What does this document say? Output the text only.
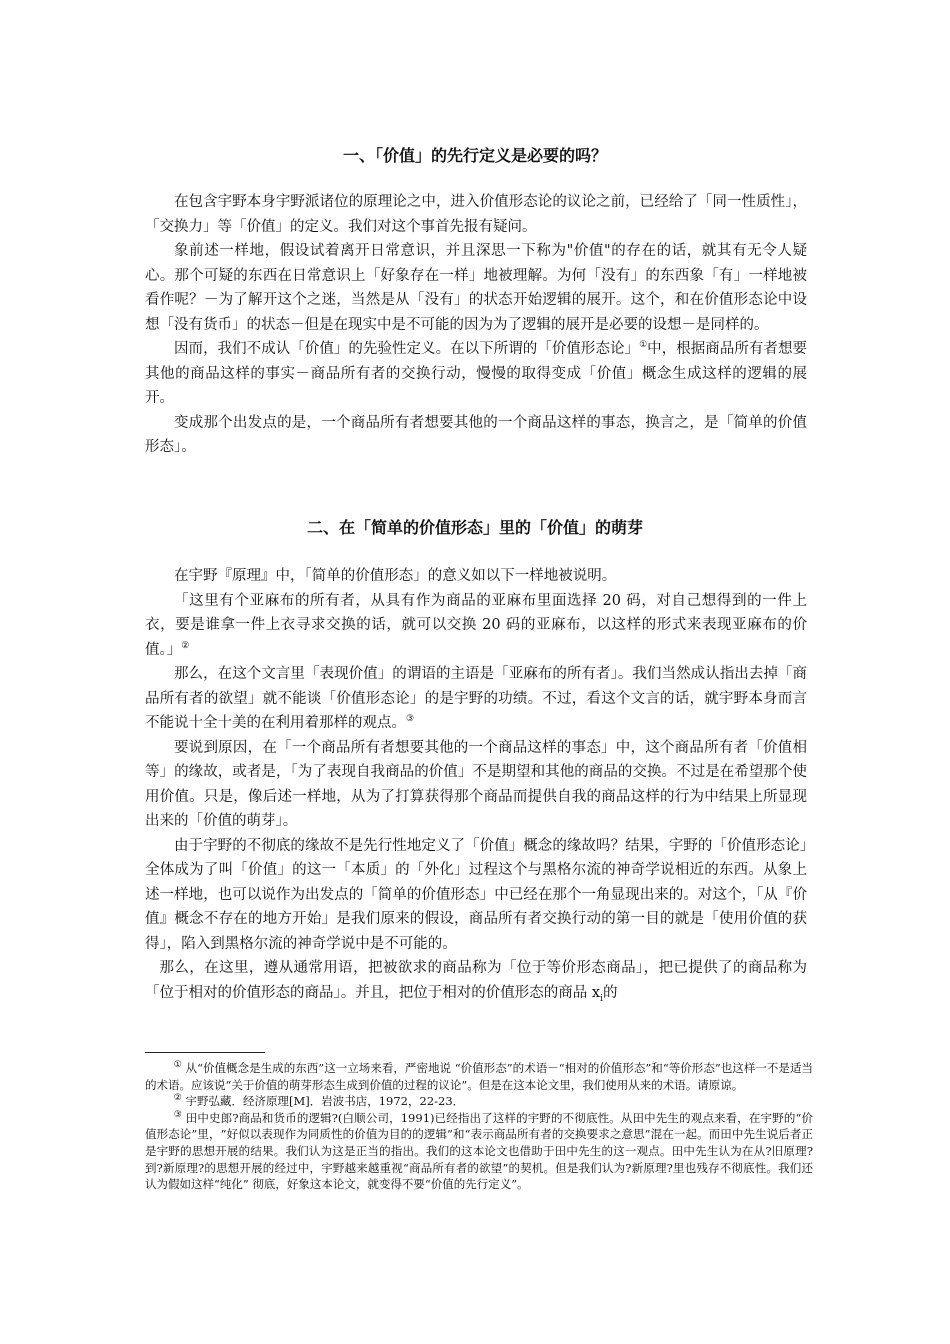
一、「价值」的先行定义是必要的吗？

在包含宇野本身宇野派诸位的原理论之中，进入价值形态论的议论之前，已经给了「同一性质性」，「交换力」等「价值」的定义。我们对这个事首先报有疑问。

象前述一样地，假设试着离开日常意识，并且深思一下称为"价值"的存在的话，就其有无令人疑心。那个可疑的东西在日常意识上「好象存在一样」地被理解。为何「没有」的东西象「有」一样地被看作呢？－为了解开这个之迷，当然是从「没有」的状态开始逻辑的展开。这个，和在价值形态论中设想「没有货币」的状态－但是在现实中是不可能的因为为了逻辑的展开是必要的设想－是同样的。

因而，我们不成认「价值」的先验性定义。在以下所谓的「价值形态论」①中，根据商品所有者想要其他的商品这样的事实－商品所有者的交换行动，慢慢的取得变成「价值」概念生成这样的逻辑的展开。

变成那个出发点的是，一个商品所有者想要其他的一个商品这样的事态，换言之，是「简单的价值形态」。

二、在「简单的价值形态」里的「价值」的萌芽

在宇野『原理』中，「简单的价值形态」的意义如以下一样地被说明。

「这里有个亚麻布的所有者，从具有作为商品的亚麻布里面选择 20 码，对自己想得到的一件上衣，要是谁拿一件上衣寻求交换的话，就可以交换 20 码的亚麻布，以这样的形式来表现亚麻布的价值。」②

那么，在这个文言里「表现价值」的谓语的主语是「亚麻布的所有者」。我们当然成认指出去掉「商品所有者的欲望」就不能谈「价值形态论」的是宇野的功绩。不过，看这个文言的话，就宇野本身而言不能说十全十美的在利用着那样的观点。③

要说到原因，在「一个商品所有者想要其他的一个商品这样的事态」中，这个商品所有者「价值相等」的缘故，或者是，「为了表现自我商品的价值」不是期望和其他的商品的交换。不过是在希望那个使用价值。只是，像后述一样地，从为了打算获得那个商品而提供自我的商品这样的行为中结果上所显现出来的「价值的萌芽」。

由于宇野的不彻底的缘故不是先行性地定义了「价值」概念的缘故吗？结果，宇野的「价值形态论」全体成为了叫「价值」的这一「本质」的「外化」过程这个与黑格尔流的神奇学说相近的东西。从象上述一样地，也可以说作为出发点的「简单的价值形态」中已经在那个一角显现出来的。对这个，「从『价值』概念不存在的地方开始」是我们原来的假设，商品所有者交换行动的第一目的就是「使用价值的获得」，陷入到黑格尔流的神奇学说中是不可能的。

那么，在这里，遵从通常用语，把被欲求的商品称为「位于等价形态商品」，把已提供了的商品称为「位于相对的价值形态的商品」。并且，把位于相对的价值形态的商品 $x_i$的

① 从“价值概念是生成的东西”这一立场来看，严密地说 “价值形态”的术语－“相对的价值形态”和“等价形态”也这样一不是适当的术语。应该说“关于价值的萌芽形态生成到价值的过程的议论”。但是在这本论文里，我们使用从来的术语。请原谅。

② 宇野弘藏．经济原理[M]．岩波书店，1972，22-23．

③ 田中史郎?商品和货币的逻辑?(白顺公司，1991)已经指出了这样的宇野的不彻底性。从田中先生的观点来看，在宇野的“价值形态论”里，“好似以表现作为同质性的价值为目的的逻辑”和“表示商品所有者的交换要求之意思”混在一起。而田中先生说后者正是宇野的思想开展的结果。我们认为这是正当的指出。我们的这本论文也借助于田中先生的这一观点。田中先生认为在从?旧原理?到?新原理?的思想开展的经过中，宇野越来越重视“商品所有者的欲望”的契机。但是我们认为?新原理?里也残存不彻底性。我们还认为假如这样“纯化” 彻底，好象这本论文，就变得不要“价值的先行定义”。
